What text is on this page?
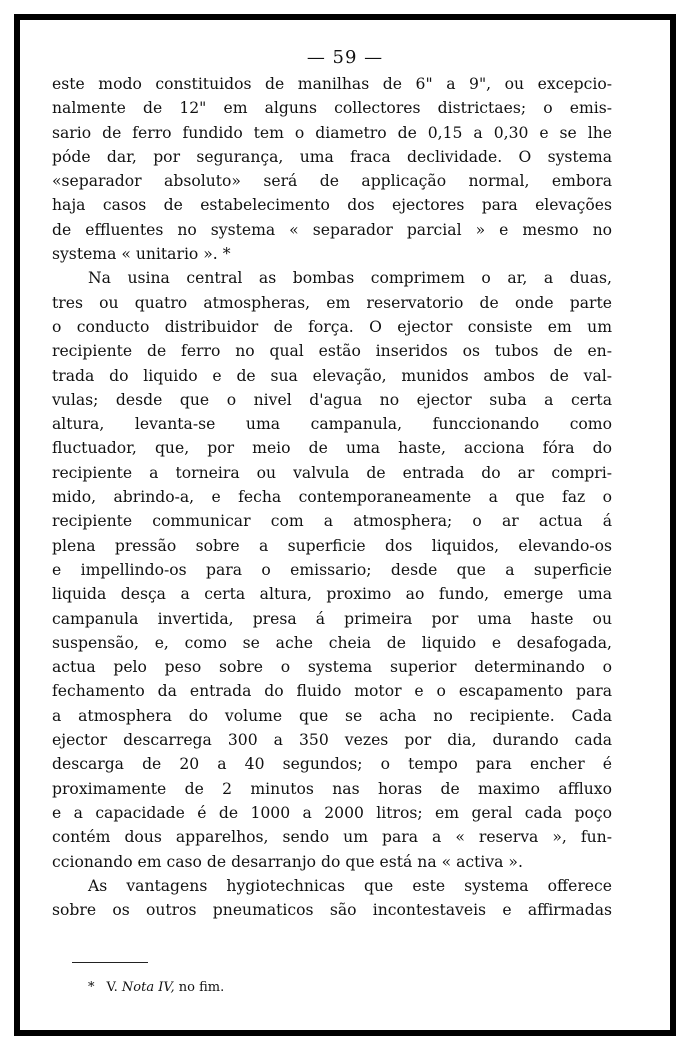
— 59 —

este modo constituidos de manilhas de 6" a 9", ou excepcio-

nalmente de 12" em alguns collectores districtaes; o emis-

sario de ferro fundido tem o diametro de 0,15 a 0,30 e se lhe

póde dar, por segurança, uma fraca declividade. O systema

«separador absoluto» será de applicação normal, embora

haja casos de estabelecimento dos ejectores para elevações

de effluentes no systema « separador parcial » e mesmo no

systema « unitario ». *

Na usina central as bombas comprimem o ar, a duas,

tres ou quatro atmospheras, em reservatorio de onde parte

o conducto distribuidor de força. O ejector consiste em um

recipiente de ferro no qual estão inseridos os tubos de en-

trada do liquido e de sua elevação, munidos ambos de val-

vulas; desde que o nivel d'agua no ejector suba a certa

altura, levanta-se uma campanula, funccionando como

fluctuador, que, por meio de uma haste, acciona fóra do

recipiente a torneira ou valvula de entrada do ar compri-

mido, abrindo-a, e fecha contemporaneamente a que faz o

recipiente communicar com a atmosphera; o ar actua á

plena pressão sobre a superficie dos liquidos, elevando-os

e impellindo-os para o emissario; desde que a superficie

liquida desça a certa altura, proximo ao fundo, emerge uma

campanula invertida, presa á primeira por uma haste ou

suspensão, e, como se ache cheia de liquido e desafogada,

actua pelo peso sobre o systema superior determinando o

fechamento da entrada do fluido motor e o escapamento para

a atmosphera do volume que se acha no recipiente. Cada

ejector descarrega 300 a 350 vezes por dia, durando cada

descarga de 20 a 40 segundos; o tempo para encher é

proximamente de 2 minutos nas horas de maximo affluxo

e a capacidade é de 1000 a 2000 litros; em geral cada poço

contém dous apparelhos, sendo um para a « reserva », fun-

ccionando em caso de desarranjo do que está na « activa ».

As vantagens hygiotechnicas que este systema offerece

sobre os outros pneumaticos são incontestaveis e affirmadas

* V. Nota IV, no fim.
